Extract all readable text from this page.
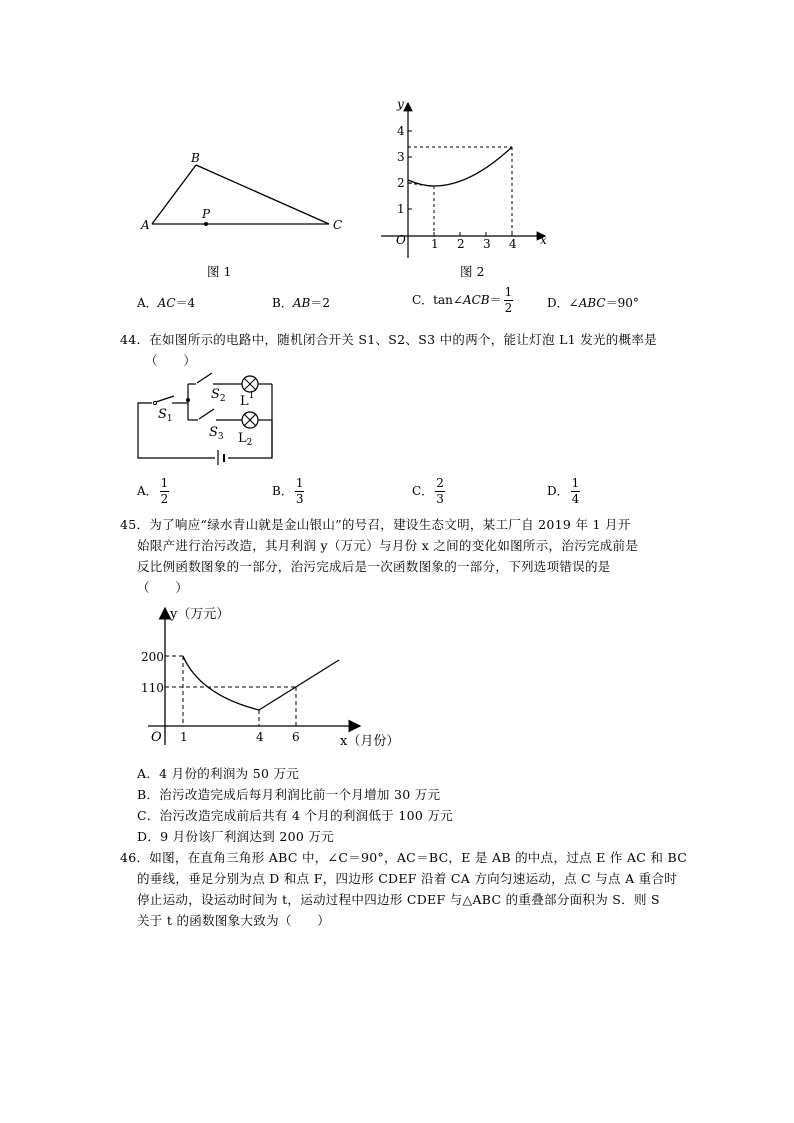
A
B
C
P
图 1
y
x
O 1 2 3 4
1
2
3
4
图 2
A．AC＝4	B．AB＝2	C．tan∠ACB＝ $\frac{1}{2}$	D．∠ABC＝90°
44．在如图所示的电路中，随机闭合开关 S1、S2、S3 中的两个，能让灯泡 L1 发光的概率是
（　　）
$S_1$
$S_2$
$S_3$
$L^1$
$L_2$
A． $\frac{1}{2}$	B． $\frac{1}{3}$	C． $\frac{2}{3}$	D． $\frac{1}{4}$
45．为了响应“绿水青山就是金山银山”的号召，建设生态文明，某工厂自 2019 年 1 月开
始限产进行治污改造，其月利润 y（万元）与月份 x 之间的变化如图所示，治污完成前是
反比例函数图象的一部分，治污完成后是一次函数图象的一部分，下列选项错误的是
（　　）
y（万元）
x（月份）
O
200
110
1	4 6
A．4 月份的利润为 50 万元
B．治污改造完成后每月利润比前一个月增加 30 万元
C．治污改造完成前后共有 4 个月的利润低于 100 万元
D．9 月份该厂利润达到 200 万元
46．如图，在直角三角形 ABC 中，∠C＝90°，AC＝BC，E 是 AB 的中点，过点 E 作 AC 和 BC
的垂线，垂足分别为点 D 和点 F，四边形 CDEF 沿着 CA 方向匀速运动，点 C 与点 A 重合时
停止运动，设运动时间为 t，运动过程中四边形 CDEF 与△ABC 的重叠部分面积为 S．则 S
关于 t 的函数图象大致为（　　）
